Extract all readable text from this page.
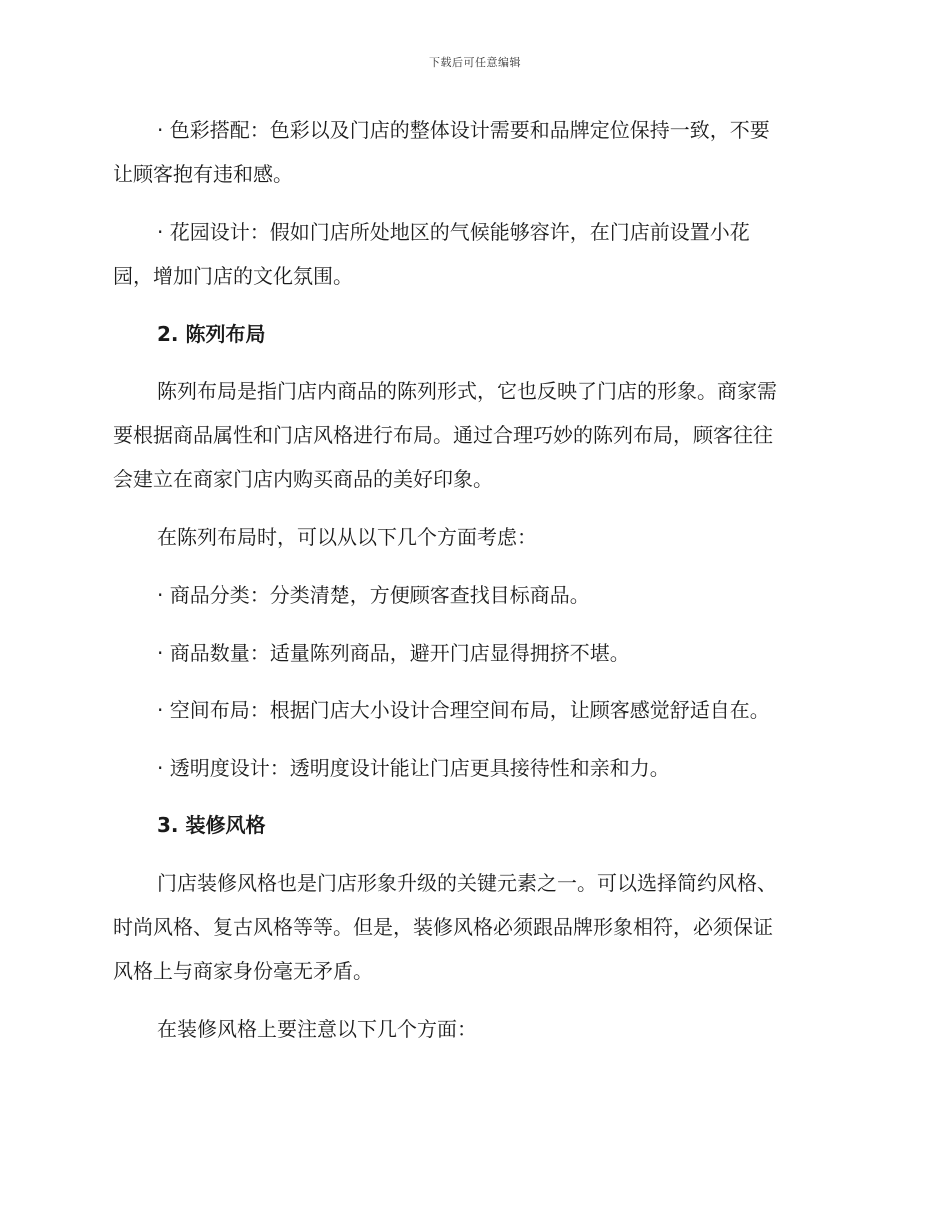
下载后可任意编辑
· 色彩搭配：色彩以及门店的整体设计需要和品牌定位保持一致，不要
让顾客抱有违和感。
· 花园设计：假如门店所处地区的气候能够容许，在门店前设置小花
园，增加门店的文化氛围。
2. 陈列布局
陈列布局是指门店内商品的陈列形式，它也反映了门店的形象。商家需
要根据商品属性和门店风格进行布局。通过合理巧妙的陈列布局，顾客往往
会建立在商家门店内购买商品的美好印象。
在陈列布局时，可以从以下几个方面考虑：
· 商品分类：分类清楚，方便顾客查找目标商品。
· 商品数量：适量陈列商品，避开门店显得拥挤不堪。
· 空间布局：根据门店大小设计合理空间布局，让顾客感觉舒适自在。
· 透明度设计：透明度设计能让门店更具接待性和亲和力。
3. 装修风格
门店装修风格也是门店形象升级的关键元素之一。可以选择简约风格、
时尚风格、复古风格等等。但是，装修风格必须跟品牌形象相符，必须保证
风格上与商家身份毫无矛盾。
在装修风格上要注意以下几个方面：
